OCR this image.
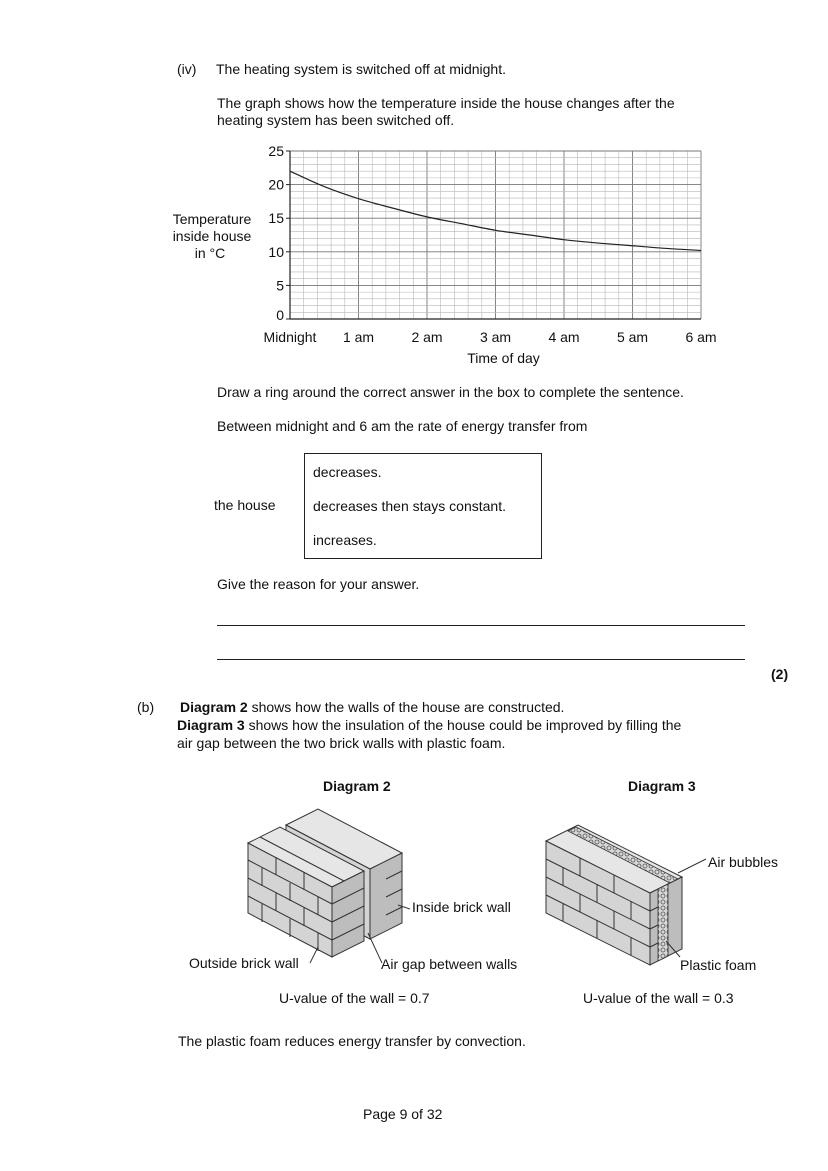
(iv) The heating system is switched off at midnight.
The graph shows how the temperature inside the house changes after the
heating system has been switched off.
0
5
10
15
20
25
Midnight 1 am	2 am	3 am	4 am	5 am	6 am
Time of day
Temperature
inside house
in °C
Draw a ring around the correct answer in the box to complete the sentence.
Between midnight and 6 am the rate of energy transfer from
the house
decreases.
decreases then stays constant.
increases.
Give the reason for your answer.
(2)
(b) Diagram 2 shows how the walls of the house are constructed.
Diagram 3 shows how the insulation of the house could be improved by filling the
air gap between the two brick walls with plastic foam.
Diagram 2	Diagram 3
Inside brick wall
Outside brick wall	Air gap between walls
U-value of the wall = 0.7
Air bubbles
Plastic foam
U-value of the wall = 0.3
The plastic foam reduces energy transfer by convection.
Page 9 of 32
